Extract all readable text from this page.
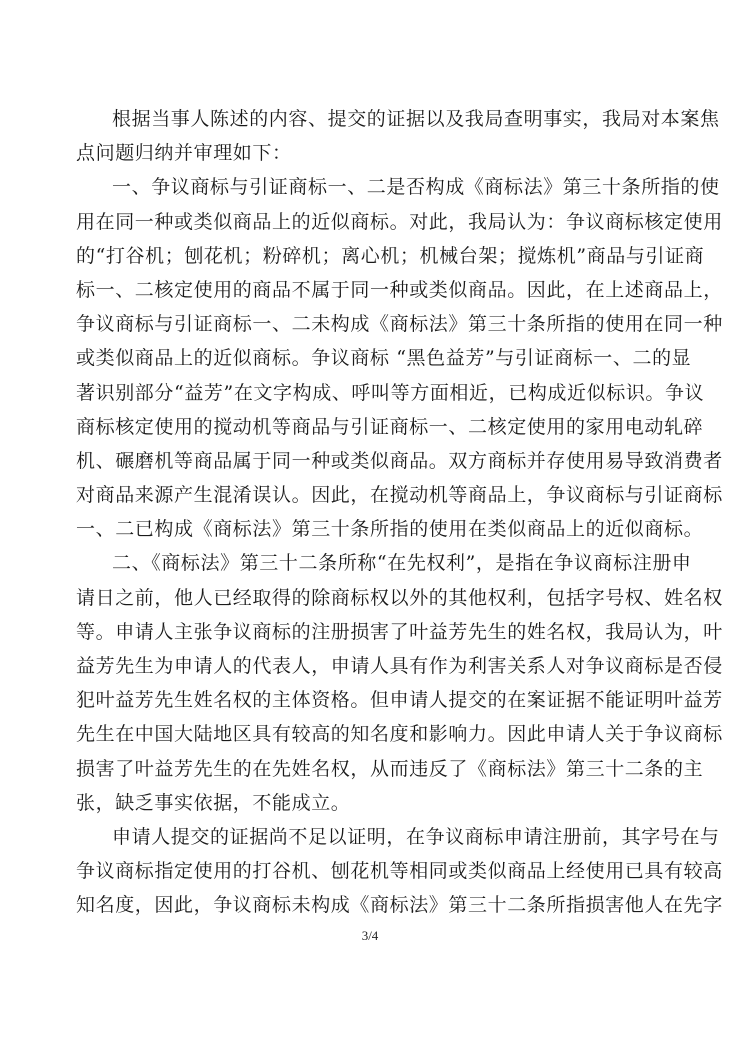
根据当事人陈述的内容、提交的证据以及我局查明事实，我局对本案焦
点问题归纳并审理如下：
一、争议商标与引证商标一、二是否构成《商标法》第三十条所指的使
用在同一种或类似商品上的近似商标。对此，我局认为：争议商标核定使用
的“打谷机；刨花机；粉碎机；离心机；机械台架；搅炼机”商品与引证商
标一、二核定使用的商品不属于同一种或类似商品。因此，在上述商品上，
争议商标与引证商标一、二未构成《商标法》第三十条所指的使用在同一种
或类似商品上的近似商标。争议商标 “黑色益芳”与引证商标一、二的显
著识别部分“益芳”在文字构成、呼叫等方面相近，已构成近似标识。争议
商标核定使用的搅动机等商品与引证商标一、二核定使用的家用电动轧碎
机、碾磨机等商品属于同一种或类似商品。双方商标并存使用易导致消费者
对商品来源产生混淆误认。因此，在搅动机等商品上，争议商标与引证商标
一、二已构成《商标法》第三十条所指的使用在类似商品上的近似商标。
二、《商标法》第三十二条所称“在先权利”，是指在争议商标注册申
请日之前，他人已经取得的除商标权以外的其他权利，包括字号权、姓名权
等。申请人主张争议商标的注册损害了叶益芳先生的姓名权，我局认为，叶
益芳先生为申请人的代表人，申请人具有作为利害关系人对争议商标是否侵
犯叶益芳先生姓名权的主体资格。但申请人提交的在案证据不能证明叶益芳
先生在中国大陆地区具有较高的知名度和影响力。因此申请人关于争议商标
损害了叶益芳先生的在先姓名权，从而违反了《商标法》第三十二条的主
张，缺乏事实依据，不能成立。
申请人提交的证据尚不足以证明，在争议商标申请注册前，其字号在与
争议商标指定使用的打谷机、刨花机等相同或类似商品上经使用已具有较高
知名度，因此，争议商标未构成《商标法》第三十二条所指损害他人在先字
3/4
